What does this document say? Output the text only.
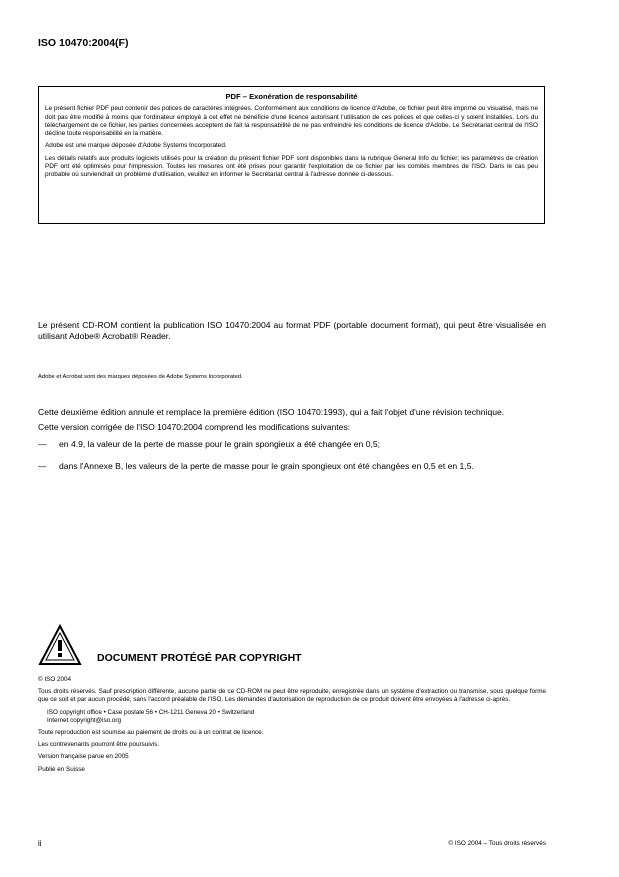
ISO 10470:2004(F)
PDF – Exonération de responsabilité

Le présent fichier PDF peut contenir des polices de caractères intégrées. Conformément aux conditions de licence d'Adobe, ce fichier peut être imprimé ou visualisé, mais ne doit pas être modifié à moins que l'ordinateur employé à cet effet ne bénéficie d'une licence autorisant l'utilisation de ces polices et que celles-ci y soient installées. Lors du téléchargement de ce fichier, les parties concernées acceptent de fait la responsabilité de ne pas enfreindre les conditions de licence d'Adobe. Le Secrétariat central de l'ISO décline toute responsabilité en la matière.

Adobe est une marque déposée d'Adobe Systems Incorporated.

Les détails relatifs aux produits logiciels utilisés pour la création du présent fichier PDF sont disponibles dans la rubrique General Info du fichier; les paramètres de création PDF ont été optimisés pour l'impression. Toutes les mesures ont été prises pour garantir l'exploitation de ce fichier par les comités membres de l'ISO. Dans le cas peu probable où surviendrait un problème d'utilisation, veuillez en informer le Secrétariat central à l'adresse donnée ci-dessous.

Le présent CD-ROM contient la publication ISO 10470:2004 au format PDF (portable document format), qui peut être visualisée en utilisant Adobe® Acrobat® Reader.

Adobe et Acrobat sont des marques déposées de Adobe Systems Incorporated.

Cette deuxième édition annule et remplace la première édition (ISO 10470:1993), qui a fait l'objet d'une révision technique.

Cette version corrigée de l'ISO 10470:2004 comprend les modifications suivantes:

—	en 4.9, la valeur de la perte de masse pour le grain spongieux a été changée en 0,5;
—	dans l'Annexe B, les valeurs de la perte de masse pour le grain spongieux ont été changées en 0,5 et en 1,5.
DOCUMENT PROTÉGÉ PAR COPYRIGHT

© ISO 2004

Tous droits réservés. Sauf prescription différente, aucune partie de ce CD-ROM ne peut être reproduite, enregistrée dans un système d'extraction ou transmise, sous quelque forme que ce soit et par aucun procédé, sans l'accord préalable de l'ISO. Les demandes d'autorisation de reproduction de ce produit doivent être envoyées à l'adresse ci-après.

ISO copyright office • Case postale 56 • CH-1211 Geneva 20 • Switzerland

Internet copyright@iso.org

Toute reproduction est soumise au paiement de droits ou à un contrat de licence.

Les contrevenants pourront être poursuivis.

Version française parue en 2005

Publié en Suisse

ii	© ISO 2004 – Tous droits réservés
